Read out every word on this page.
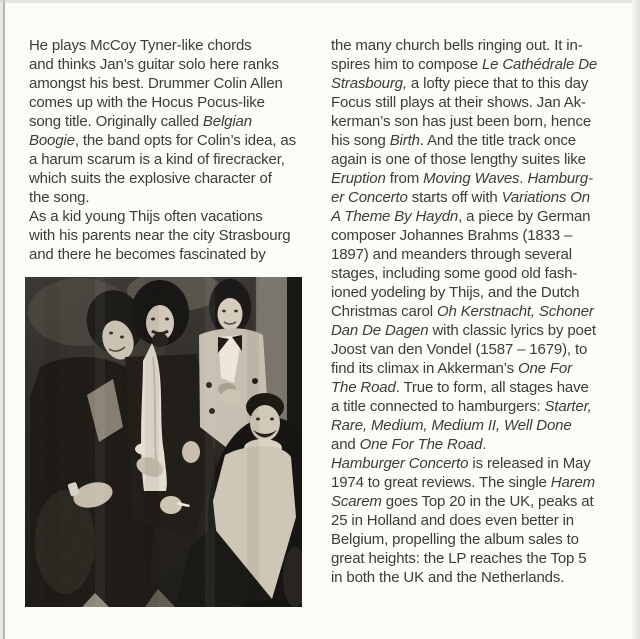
He plays McCoy Tyner-like chords
and thinks Jan’s guitar solo here ranks
amongst his best. Drummer Colin Allen
comes up with the Hocus Pocus-like
song title. Originally called Belgian
Boogie, the band opts for Colin’s idea, as
a harum scarum is a kind of firecracker,
which suits the explosive character of
the song.
As a kid young Thijs often vacations
with his parents near the city Strasbourg
and there he becomes fascinated by
the many church bells ringing out. It in-
spires him to compose Le Cathédrale De
Strasbourg, a lofty piece that to this day
Focus still plays at their shows. Jan Ak-
kerman’s son has just been born, hence
his song Birth. And the title track once
again is one of those lengthy suites like
Eruption from Moving Waves. Hamburg-
er Concerto starts off with Variations On
A Theme By Haydn, a piece by German
composer Johannes Brahms (1833 –
1897) and meanders through several
stages, including some good old fash-
ioned yodeling by Thijs, and the Dutch
Christmas carol Oh Kerstnacht, Schoner
Dan De Dagen with classic lyrics by poet
Joost van den Vondel (1587 – 1679), to
find its climax in Akkerman’s One For
The Road. True to form, all stages have
a title connected to hamburgers: Starter,
Rare, Medium, Medium II, Well Done
and One For The Road.
Hamburger Concerto is released in May
1974 to great reviews. The single Harem
Scarem goes Top 20 in the UK, peaks at
25 in Holland and does even better in
Belgium, propelling the album sales to
great heights: the LP reaches the Top 5
in both the UK and the Netherlands.
